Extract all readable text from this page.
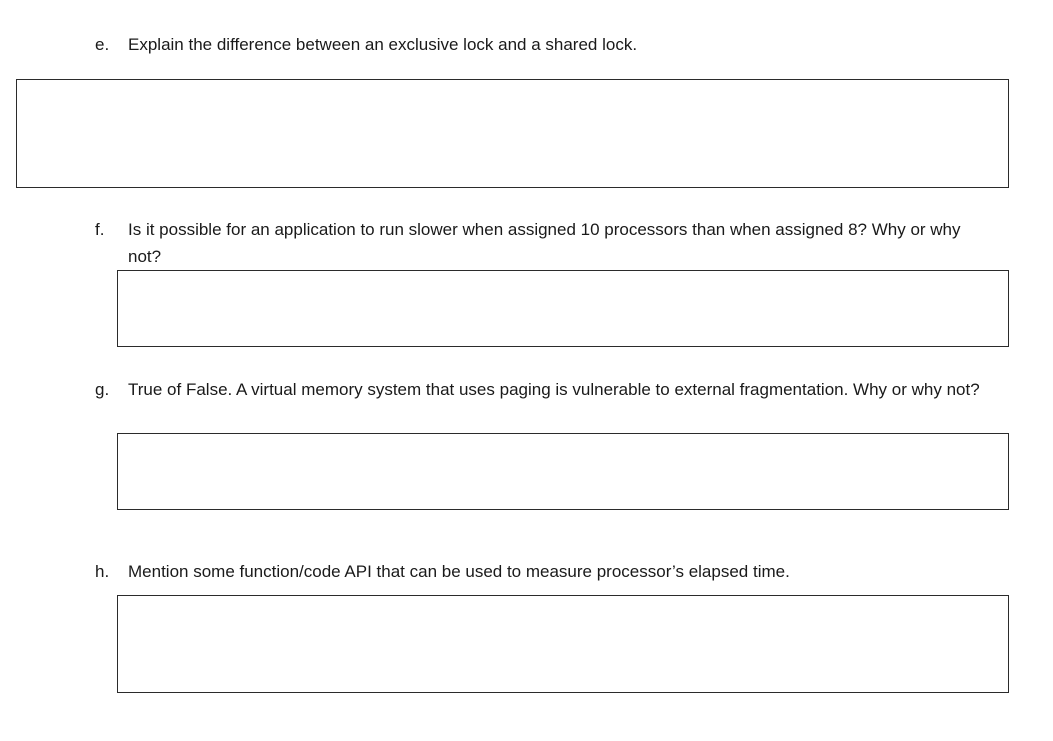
e. Explain the difference between an exclusive lock and a shared lock.
f. Is it possible for an application to run slower when assigned 10 processors than when assigned 8? Why or why not?
g. True of False. A virtual memory system that uses paging is vulnerable to external fragmentation. Why or why not?
h. Mention some function/code API that can be used to measure processor’s elapsed time.
